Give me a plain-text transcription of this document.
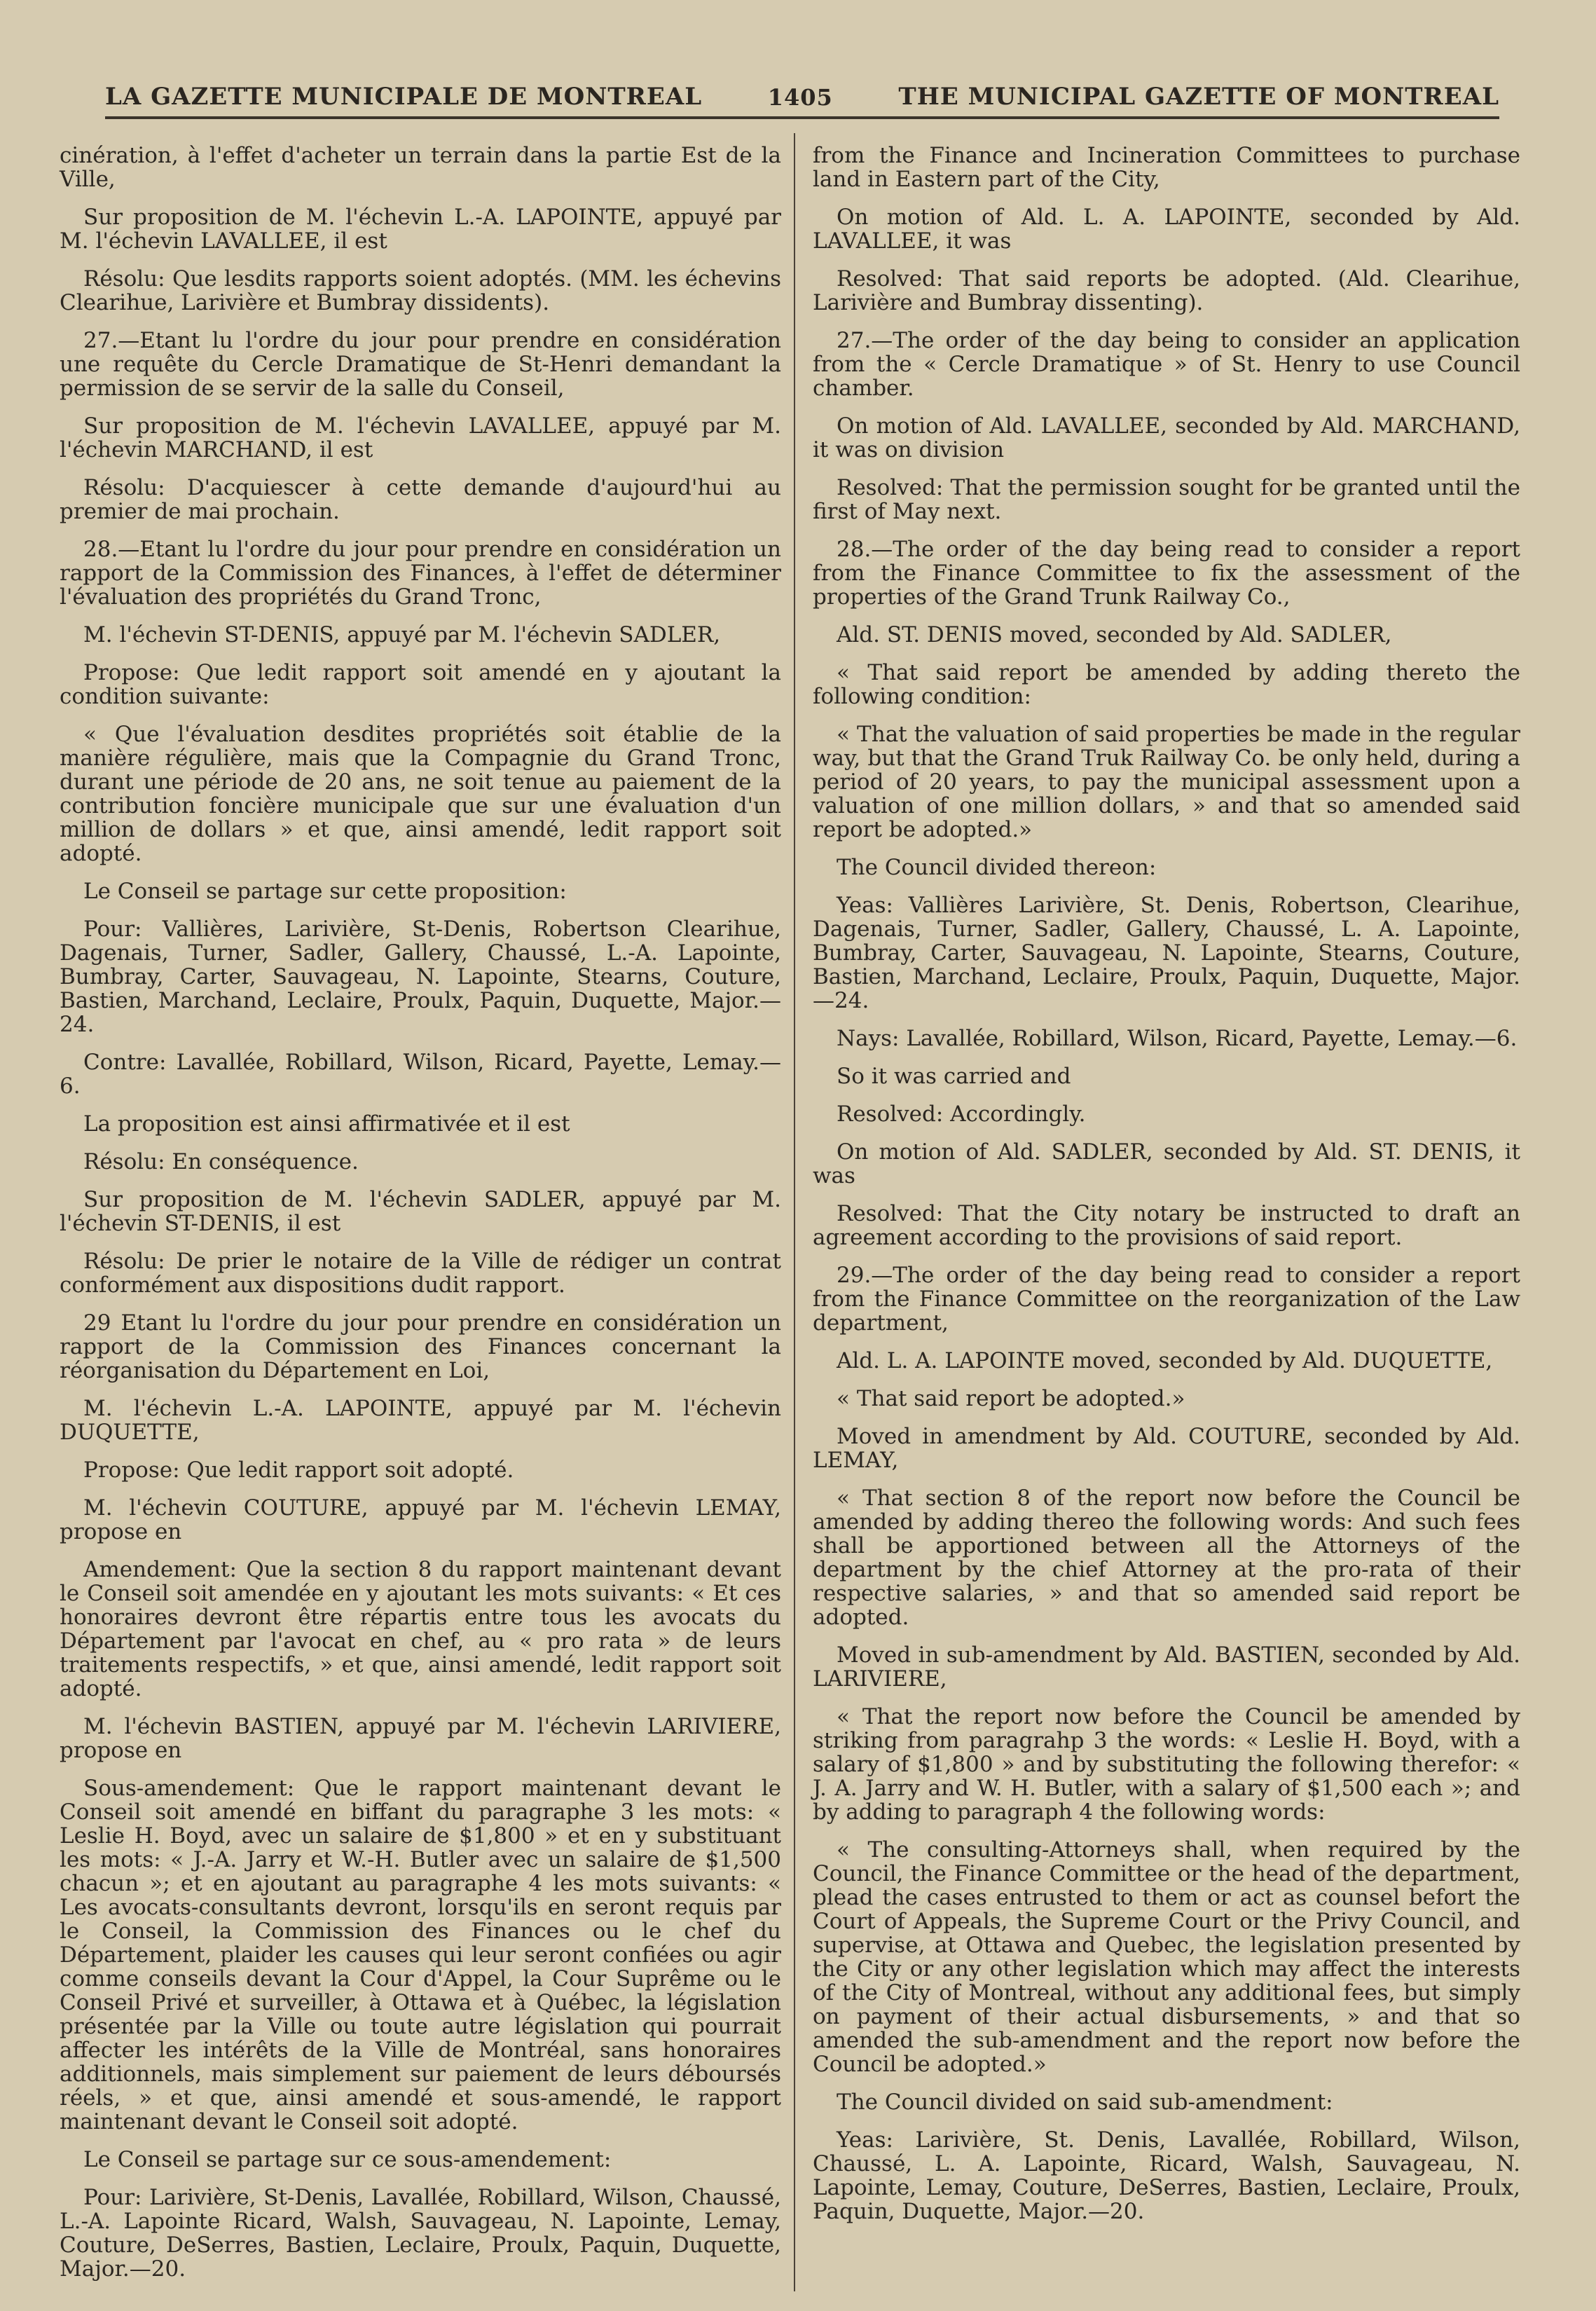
LA GAZETTE MUNICIPALE DE MONTREAL	1405	THE MUNICIPAL GAZETTE OF MONTREAL

cinération, à l'effet d'acheter un terrain dans la partie Est de la Ville,

Sur proposition de M. l'échevin L.-A. LAPOINTE, appuyé par M. l'échevin LAVALLEE, il est

Résolu: Que lesdits rapports soient adoptés. (MM. les échevins Clearihue, Larivière et Bumbray dissidents).

27.—Etant lu l'ordre du jour pour prendre en considération une requête du Cercle Dramatique de St-Henri demandant la permission de se servir de la salle du Conseil,

Sur proposition de M. l'échevin LAVALLEE, appuyé par M. l'échevin MARCHAND, il est

Résolu: D'acquiescer à cette demande d'aujourd'hui au premier de mai prochain.

28.—Etant lu l'ordre du jour pour prendre en considération un rapport de la Commission des Finances, à l'effet de déterminer l'évaluation des propriétés du Grand Tronc,

M. l'échevin ST-DENIS, appuyé par M. l'échevin SADLER,

Propose: Que ledit rapport soit amendé en y ajoutant la condition suivante:

« Que l'évaluation desdites propriétés soit établie de la manière régulière, mais que la Compagnie du Grand Tronc, durant une période de 20 ans, ne soit tenue au paiement de la contribution foncière municipale que sur une évaluation d'un million de dollars » et que, ainsi amendé, ledit rapport soit adopté.

Le Conseil se partage sur cette proposition:

Pour: Vallières, Larivière, St-Denis, Robertson Clearihue, Dagenais, Turner, Sadler, Gallery, Chaussé, L.-A. Lapointe, Bumbray, Carter, Sauvageau, N. Lapointe, Stearns, Couture, Bastien, Marchand, Leclaire, Proulx, Paquin, Duquette, Major.—24.

Contre: Lavallée, Robillard, Wilson, Ricard, Payette, Lemay.—6.

La proposition est ainsi affirmativée et il est

Résolu: En conséquence.

Sur proposition de M. l'échevin SADLER, appuyé par M. l'échevin ST-DENIS, il est

Résolu: De prier le notaire de la Ville de rédiger un contrat conformément aux dispositions dudit rapport.

29 Etant lu l'ordre du jour pour prendre en considération un rapport de la Commission des Finances concernant la réorganisation du Département en Loi,

M. l'échevin L.-A. LAPOINTE, appuyé par M. l'échevin DUQUETTE,

Propose: Que ledit rapport soit adopté.

M. l'échevin COUTURE, appuyé par M. l'échevin LEMAY, propose en

Amendement: Que la section 8 du rapport maintenant devant le Conseil soit amendée en y ajoutant les mots suivants: « Et ces honoraires devront être répartis entre tous les avocats du Département par l'avocat en chef, au « pro rata » de leurs traitements respectifs, » et que, ainsi amendé, ledit rapport soit adopté.

M. l'échevin BASTIEN, appuyé par M. l'échevin LARIVIERE, propose en

Sous-amendement: Que le rapport maintenant devant le Conseil soit amendé en biffant du paragraphe 3 les mots: « Leslie H. Boyd, avec un salaire de $1,800 » et en y substituant les mots: « J.-A. Jarry et W.-H. Butler avec un salaire de $1,500 chacun »; et en ajoutant au paragraphe 4 les mots suivants: « Les avocats-consultants devront, lorsqu'ils en seront requis par le Conseil, la Commission des Finances ou le chef du Département, plaider les causes qui leur seront confiées ou agir comme conseils devant la Cour d'Appel, la Cour Suprême ou le Conseil Privé et surveiller, à Ottawa et à Québec, la législation présentée par la Ville ou toute autre législation qui pourrait affecter les intérêts de la Ville de Montréal, sans honoraires additionnels, mais simplement sur paiement de leurs déboursés réels, » et que, ainsi amendé et sous-amendé, le rapport maintenant devant le Conseil soit adopté.

Le Conseil se partage sur ce sous-amendement:

Pour: Larivière, St-Denis, Lavallée, Robillard, Wilson, Chaussé, L.-A. Lapointe Ricard, Walsh, Sauvageau, N. Lapointe, Lemay, Couture, DeSerres, Bastien, Leclaire, Proulx, Paquin, Duquette, Major.—20.

from the Finance and Incineration Committees to purchase land in Eastern part of the City,

On motion of Ald. L. A. LAPOINTE, seconded by Ald. LAVALLEE, it was

Resolved: That said reports be adopted. (Ald. Clearihue, Larivière and Bumbray dissenting).

27.—The order of the day being to consider an application from the « Cercle Dramatique » of St. Henry to use Council chamber.

On motion of Ald. LAVALLEE, seconded by Ald. MARCHAND, it was on division

Resolved: That the permission sought for be granted until the first of May next.

28.—The order of the day being read to consider a report from the Finance Committee to fix the assessment of the properties of the Grand Trunk Railway Co.,

Ald. ST. DENIS moved, seconded by Ald. SADLER,

« That said report be amended by adding thereto the following condition:

« That the valuation of said properties be made in the regular way, but that the Grand Truk Railway Co. be only held, during a period of 20 years, to pay the municipal assessment upon a valuation of one million dollars, » and that so amended said report be adopted.»

The Council divided thereon:

Yeas: Vallières Larivière, St. Denis, Robertson, Clearihue, Dagenais, Turner, Sadler, Gallery, Chaussé, L. A. Lapointe, Bumbray, Carter, Sauvageau, N. Lapointe, Stearns, Couture, Bastien, Marchand, Leclaire, Proulx, Paquin, Duquette, Major.—24.

Nays: Lavallée, Robillard, Wilson, Ricard, Payette, Lemay.—6.

So it was carried and

Resolved: Accordingly.

On motion of Ald. SADLER, seconded by Ald. ST. DENIS, it was

Resolved: That the City notary be instructed to draft an agreement according to the provisions of said report.

29.—The order of the day being read to consider a report from the Finance Committee on the reorganization of the Law department,

Ald. L. A. LAPOINTE moved, seconded by Ald. DUQUETTE,

« That said report be adopted.»

Moved in amendment by Ald. COUTURE, seconded by Ald. LEMAY,

« That section 8 of the report now before the Council be amended by adding thereo the following words: And such fees shall be apportioned between all the Attorneys of the department by the chief Attorney at the pro-rata of their respective salaries, » and that so amended said report be adopted.

Moved in sub-amendment by Ald. BASTIEN, seconded by Ald. LARIVIERE,

« That the report now before the Council be amended by striking from paragrahp 3 the words: « Leslie H. Boyd, with a salary of $1,800 » and by substituting the following therefor: « J. A. Jarry and W. H. Butler, with a salary of $1,500 each »; and by adding to paragraph 4 the following words:

« The consulting-Attorneys shall, when required by the Council, the Finance Committee or the head of the department, plead the cases entrusted to them or act as counsel befort the Court of Appeals, the Supreme Court or the Privy Council, and supervise, at Ottawa and Quebec, the legislation presented by the City or any other legislation which may affect the interests of the City of Montreal, without any additional fees, but simply on payment of their actual disbursements, » and that so amended the sub-amendment and the report now before the Council be adopted.»

The Council divided on said sub-amendment:

Yeas: Larivière, St. Denis, Lavallée, Robillard, Wilson, Chaussé, L. A. Lapointe, Ricard, Walsh, Sauvageau, N. Lapointe, Lemay, Couture, DeSerres, Bastien, Leclaire, Proulx, Paquin, Duquette, Major.—20.
